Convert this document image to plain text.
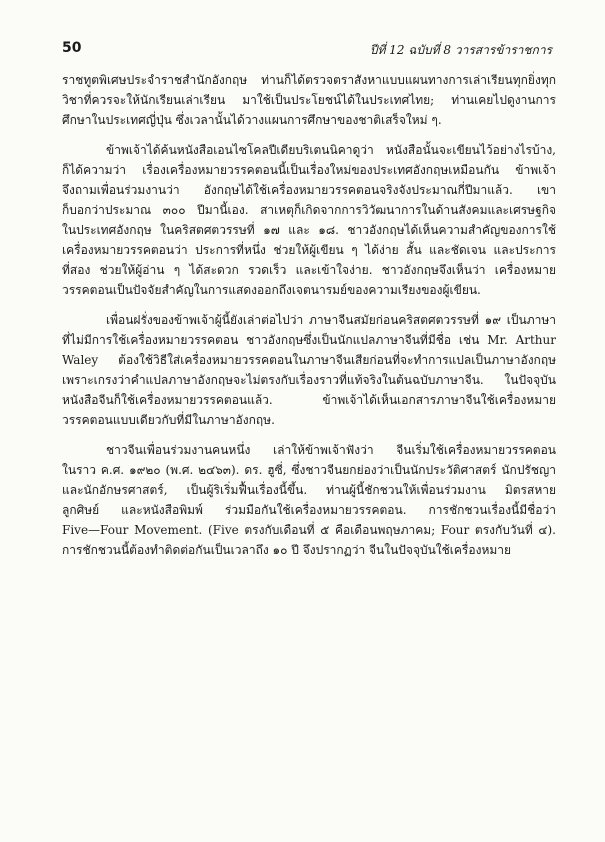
50	ปีที่ 12 ฉบับที่ 8 วารสารข้าราชการ
ราชทูตพิเศษประจำราชสำนักอังกฤษ ท่านก็ได้ตรวจตราสังหาแบบแผนทางการเล่าเรียนทุกยิ่งทุก
วิชาที่ควรจะให้นักเรียนเล่าเรียน มาใช้เป็นประโยชน์ได้ในประเทศไทย; ท่านเคยไปดูงานการ
ศึกษาในประเทศญี่ปุ่น ซึ่งเวลานั้นได้วางแผนการศึกษาของชาติเสร็จใหม่ ๆ.
ข้าพเจ้าได้ค้นหนังสือเอนไซโคลปีเดียบริเตนนิคาดูว่า หนังสือนั้นจะเขียนไว้อย่างไรบ้าง,
ก็ได้ความว่า เรื่องเครื่องหมายวรรคตอนนี้เป็นเรื่องใหม่ของประเทศอังกฤษเหมือนกัน ข้าพเจ้า
จึงถามเพื่อนร่วมงานว่า อังกฤษได้ใช้เครื่องหมายวรรคตอนจริงจังประมาณกี่ปีมาแล้ว. เขา
ก็บอกว่าประมาณ ๓๐๐ ปีมานี้เอง. สาเหตุก็เกิดจากการวิวัฒนาการในด้านสังคมและเศรษฐกิจ
ในประเทศอังกฤษ ในคริสตศตวรรษที่ ๑๗ และ ๑๘. ชาวอังกฤษได้เห็นความสำคัญของการใช้
เครื่องหมายวรรคตอนว่า ประการที่หนึ่ง ช่วยให้ผู้เขียน ๆ ได้ง่าย สั้น และชัดเจน และประการ
ที่สอง ช่วยให้ผู้อ่าน ๆ ได้สะดวก รวดเร็ว และเข้าใจง่าย. ชาวอังกฤษจึงเห็นว่า เครื่องหมาย
วรรคตอนเป็นปัจจัยสำคัญในการแสดงออกถึงเจตนารมย์ของความเรียงของผู้เขียน.
เพื่อนฝรั่งของข้าพเจ้าผู้นี้ยังเล่าต่อไปว่า ภาษาจีนสมัยก่อนคริสตศตวรรษที่ ๑๙ เป็นภาษา
ที่ไม่มีการใช้เครื่องหมายวรรคตอน ชาวอังกฤษซึ่งเป็นนักแปลภาษาจีนที่มีชื่อ เช่น Mr. Arthur
Waley ต้องใช้วิธีใส่เครื่องหมายวรรคตอนในภาษาจีนเสียก่อนที่จะทำการแปลเป็นภาษาอังกฤษ
เพราะเกรงว่าคำแปลภาษาอังกฤษจะไม่ตรงกับเรื่องราวที่แท้จริงในต้นฉบับภาษาจีน. ในปัจจุบัน
หนังสือจีนก็ใช้เครื่องหมายวรรคตอนแล้ว. ข้าพเจ้าได้เห็นเอกสารภาษาจีนใช้เครื่องหมาย
วรรคตอนแบบเดียวกับที่มีในภาษาอังกฤษ.
ชาวจีนเพื่อนร่วมงานคนหนึ่ง เล่าให้ข้าพเจ้าฟังว่า จีนเริ่มใช้เครื่องหมายวรรคตอน
ในราว ค.ศ. ๑๙๒๐ (พ.ศ. ๒๔๖๓). ดร. ฮูซี่, ซึ่งชาวจีนยกย่องว่าเป็นนักประวัติศาสตร์ นักปรัชญา
และนักอักษรศาสตร์, เป็นผู้ริเริ่มฟื้นเรื่องนี้ขึ้น. ท่านผู้นี้ชักชวนให้เพื่อนร่วมงาน มิตรสหาย
ลูกศิษย์ และหนังสือพิมพ์ ร่วมมือกันใช้เครื่องหมายวรรคตอน. การชักชวนเรื่องนี้มีชื่อว่า
Five—Four Movement. (Five ตรงกับเดือนที่ ๕ คือเดือนพฤษภาคม; Four ตรงกับวันที่ ๔).
การชักชวนนี้ต้องทำติดต่อกันเป็นเวลาถึง ๑๐ ปี จึงปรากฏว่า จีนในปัจจุบันใช้เครื่องหมาย
